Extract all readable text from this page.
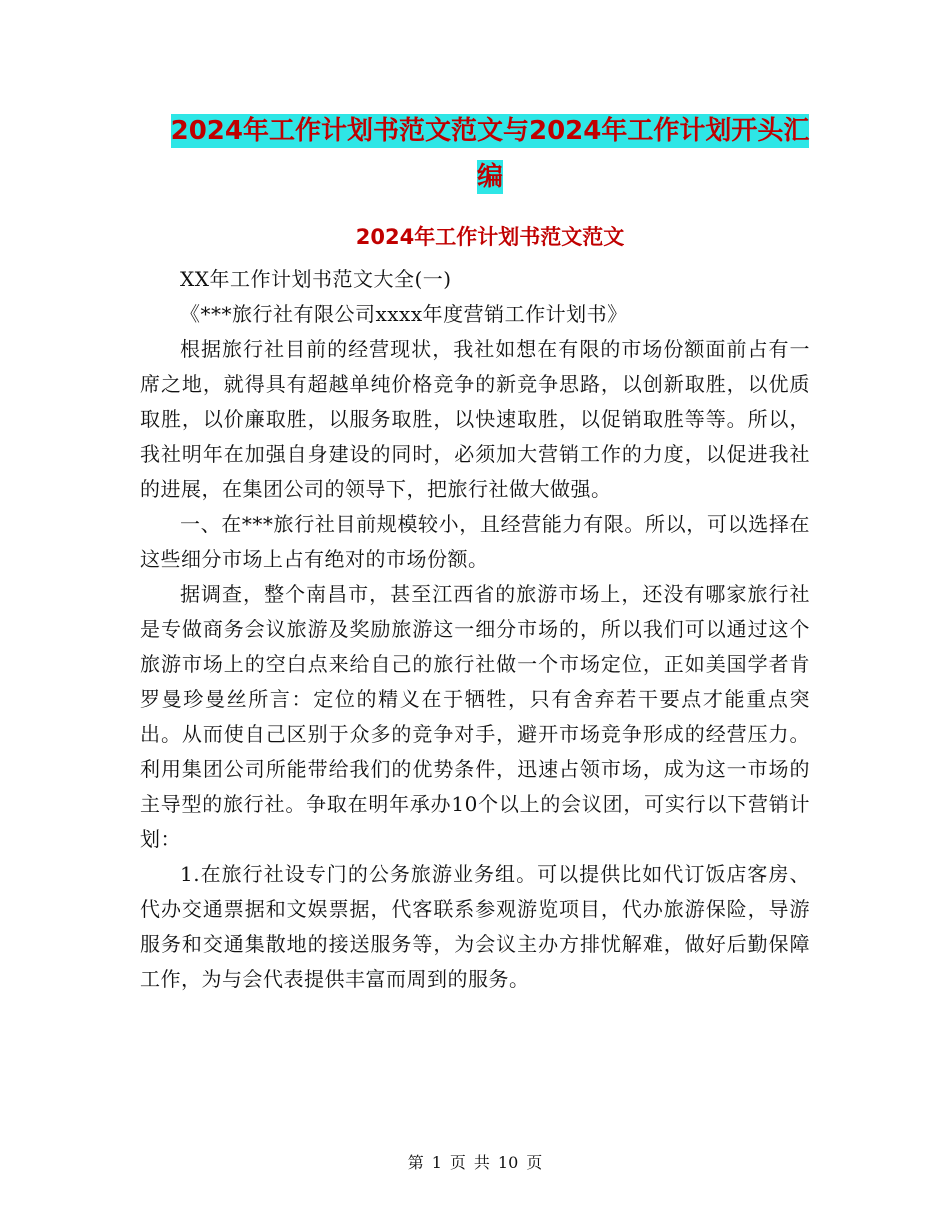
2024年工作计划书范文范文与2024年工作计划开头汇
编
2024年工作计划书范文范文

XX年工作计划书范文大全(一)

《***旅行社有限公司xxxx年度营销工作计划书》

根据旅行社目前的经营现状，我社如想在有限的市场份额面前占有一席之地，就得具有超越单纯价格竞争的新竞争思路，以创新取胜，以优质取胜，以价廉取胜，以服务取胜，以快速取胜，以促销取胜等等。所以，我社明年在加强自身建设的同时，必须加大营销工作的力度，以促进我社的进展，在集团公司的领导下，把旅行社做大做强。

一、在***旅行社目前规模较小，且经营能力有限。所以，可以选择在这些细分市场上占有绝对的市场份额。

据调查，整个南昌市，甚至江西省的旅游市场上，还没有哪家旅行社是专做商务会议旅游及奖励旅游这一细分市场的，所以我们可以通过这个旅游市场上的空白点来给自己的旅行社做一个市场定位，正如美国学者肯罗曼珍曼丝所言：定位的精义在于牺牲，只有舍弃若干要点才能重点突出。从而使自己区别于众多的竞争对手，避开市场竞争形成的经营压力。利用集团公司所能带给我们的优势条件，迅速占领市场，成为这一市场的主导型的旅行社。争取在明年承办10个以上的会议团，可实行以下营销计划：

1.在旅行社设专门的公务旅游业务组。可以提供比如代订饭店客房、代办交通票据和文娱票据，代客联系参观游览项目，代办旅游保险，导游服务和交通集散地的接送服务等，为会议主办方排忧解难，做好后勤保障工作，为与会代表提供丰富而周到的服务。

第 1 页 共 10 页
